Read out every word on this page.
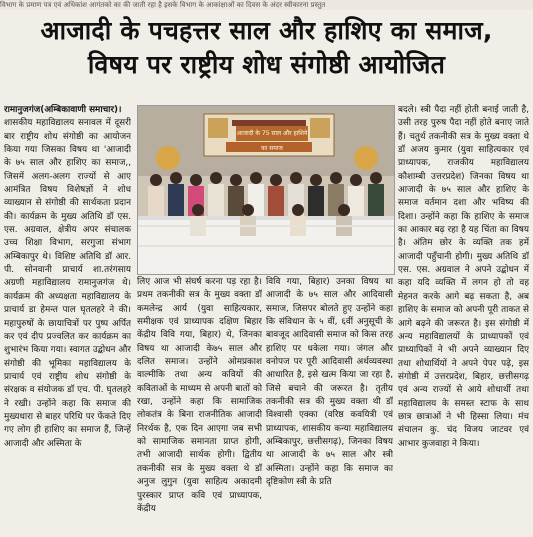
विभाग के प्रमाण पत्र एवं अधिकांश आगंतको का की जाती रहा है इसके विभाग के आकांक्षाओं का दिवस के अंदर स्वीकारना प्रस्तुत
आजादी के पचहत्तर साल और हाशिए का समाज,
विषय पर राष्ट्रीय शोध संगोष्ठी आयोजित
रामानुजगंज(अम्बिकावाणी समाचार)।
शासकीय महाविद्यालय सनावल में दूसरी बार राष्ट्रीय शोध संगोष्ठी का आयोजन किया गया जिसका विषय था 'आजादी के ७५ साल और हाशिए का समाज,, जिसमें अलग-अलग राज्यों से आए आमंत्रित विषय विशेषज्ञों ने शोध व्याख्यान से संगोष्ठी की सार्थकता प्रदान की। कार्यक्रम के मुख्य अतिथि डॉ एस. एस. अग्रवाल, क्षेत्रीय अपर संचालक उच्च शिक्षा विभाग, सरगुजा संभाग अम्बिकापुर थे। विशिष्ट अतिथि डॉ आर. पी. सोनवानी प्राचार्य शा.तरंगसाय अग्रणी महाविद्यालय रामानुजगंज थे। कार्यक्रम की अध्यक्षता महाविद्यालय के प्राचार्य डा हेमन्त पाल घृतलहरे ने की। महापुरुषों के छायाचित्रों पर पुष्प अर्पित कर एवं दीप प्रज्वलित कर कार्यक्रम का शुभारंभ किया गया। स्वागत उद्बोधन और संगोष्ठी की भूमिका महाविद्यालय के प्राचार्य एवं राष्ट्रीय शोध संगोष्ठी के संरक्षक व संयोजक डॉ एच. पी. घृतलहरे ने रखी। उन्होंने कहा कि समाज की मुख्यधारा से बाहर परिधि पर फेंकते दिए गए लोग ही हाशिए का समाज हैं, जिन्हें आजादी और अस्मिता के
आजादी के 75 साल और हाशिये का समाज
लिए आज भी संघर्ष करना पड़ रहा है। प्रथम तकनीकी सत्र के मुख्य वक्ता डॉ कमलेन्द्र आर्य (युवा साहित्यकार, समीक्षक एवं प्राध्यापक दक्षिण बिहार केंद्रीय विवि गया, बिहार) थे, जिनका विषय था आजादी के७५ साल और दलित समाज। उन्होंने ओमप्रकाश वाल्मीकि तथा अन्य कवियों की कविताओं के माध्यम से अपनी बातों को रखा, उन्होंने कहा कि सामाजिक लोकतंत्र के बिना राजनीतिक आजादी निरर्थक है, एक दिन आएगा जब सभी को सामाजिक समानता प्राप्त होगी, तभी आजादी सार्थक होगी। द्वितीय तकनीकी सत्र के मुख्य वक्ता थे डॉ अनुज लुगुन (युवा साहित्य अकादमी पुरस्कार प्राप्त कवि एवं प्राध्यापक, केंद्रीय
विवि गया, बिहार) उनका विषय था आजादी के ७५ साल और आदिवासी समाज, जिसपर बोलते हुए उन्होंने कहा कि संविधान के ५ वीं, ६वीं अनुसूची के बावजूद आदिवासी समाज को किस तरह हाशिए पर धकेला गया। जंगल और वनोपज पर पूरी आदिवासी अर्थव्यवस्था आधारित है, इसे खत्म किया जा रहा है, जिसे बचाने की जरूरत है। तृतीय तकनीकी सत्र की मुख्य वक्ता थी डॉ विश्वासी एक्का (वरिष्ठ कवयित्री एवं प्राध्यापक, शासकीय कन्या महाविद्यालय अम्बिकापुर, छत्तीसगढ़), जिनका विषय था आजादी के ७५ साल और स्त्री अस्मिता। उन्होंने कहा कि समाज का दृष्टिकोण स्त्री के प्रति
बदले। स्त्री पैदा नहीं होती बनाई जाती है, उसी तरह पुरुष पैदा नहीं होते बनाए जाते हैं। चतुर्थ तकनीकी सत्र के मुख्य वक्ता थे डॉ अजय कुमार (युवा साहित्यकार एवं प्राध्यापक, राजकीय महाविद्यालय कौशाम्बी उत्तरप्रदेश) जिनका विषय था आजादी के ७५ साल और हाशिए के समाज वर्तमान दशा और भविष्य की दिशा। उन्होंने कहा कि हाशिए के समाज का आकार बढ़ रहा है यह चिंता का विषय है। अंतिम छोर के व्यक्ति तक हमें आजादी पहुँचानी होगी। मुख्य अतिथि डॉ एस. एस. अग्रवाल ने अपने उद्बोधन में कहा यदि व्यक्ति में लगन हो तो वह मेहनत करके आगे बढ़ सकता है, अब हाशिए के समाज को अपनी पूरी ताकत से आगे बढ़ने की जरूरत है। इस संगोष्ठी में अन्य महाविद्यालयों के प्राध्यापकों एवं प्राध्यापिकों ने भी अपने व्याख्यान दिए तथा शोधार्थियों ने अपने पेपर पढ़े, इस संगोष्ठी में उत्तरप्रदेश, बिहार, छत्तीसगढ़ एवं अन्य राज्यों से आये शोधार्थी तथा महाविद्यालय के समस्त स्टाफ के साथ छात्र छात्राओं ने भी हिस्सा लिया। मंच संचालन कु. चंद विजय जाटवर एवं आभार कुजवाहा ने किया।
